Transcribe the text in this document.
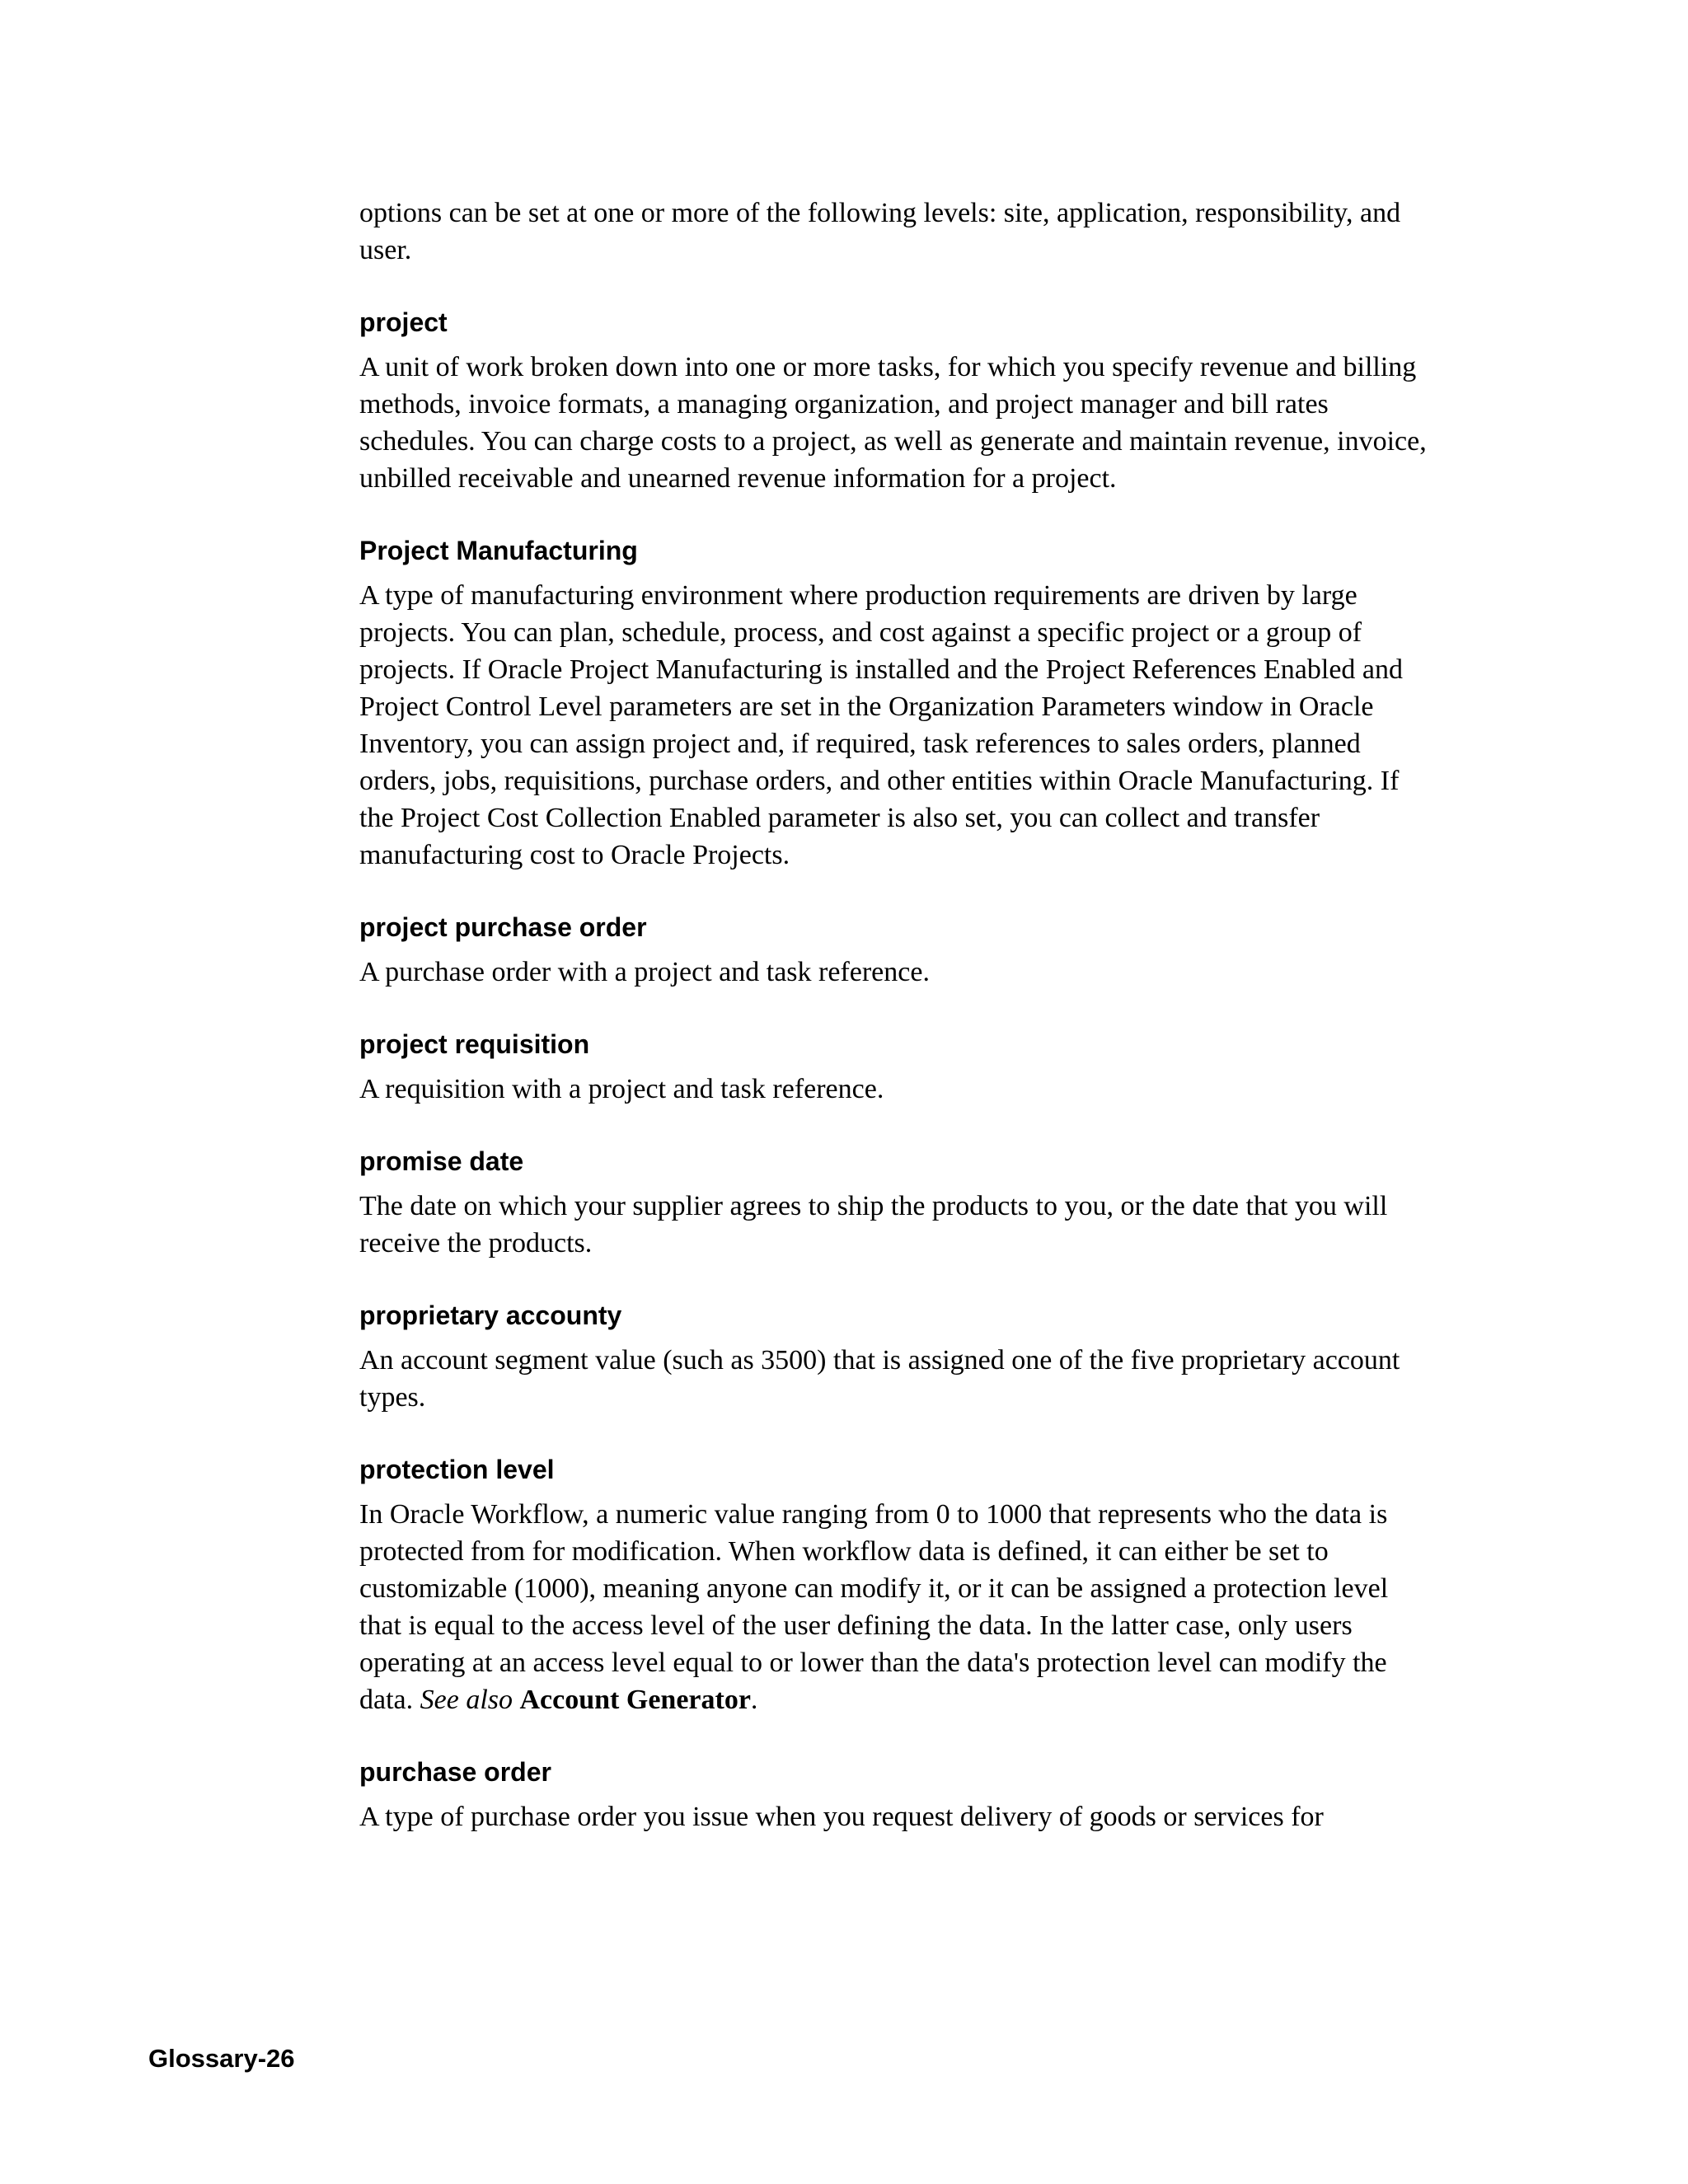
options can be set at one or more of the following levels: site, application, responsibility, and user.

project

A unit of work broken down into one or more tasks, for which you specify revenue and billing methods, invoice formats, a managing organization, and project manager and bill rates schedules. You can charge costs to a project, as well as generate and maintain revenue, invoice, unbilled receivable and unearned revenue information for a project.

Project Manufacturing

A type of manufacturing environment where production requirements are driven by large projects. You can plan, schedule, process, and cost against a specific project or a group of projects. If Oracle Project Manufacturing is installed and the Project References Enabled and Project Control Level parameters are set in the Organization Parameters window in Oracle Inventory, you can assign project and, if required, task references to sales orders, planned orders, jobs, requisitions, purchase orders, and other entities within Oracle Manufacturing. If the Project Cost Collection Enabled parameter is also set, you can collect and transfer manufacturing cost to Oracle Projects.

project purchase order

A purchase order with a project and task reference.

project requisition

A requisition with a project and task reference.

promise date

The date on which your supplier agrees to ship the products to you, or the date that you will receive the products.

proprietary accounty

An account segment value (such as 3500) that is assigned one of the five proprietary account types.

protection level

In Oracle Workflow, a numeric value ranging from 0 to 1000 that represents who the data is protected from for modification. When workflow data is defined, it can either be set to customizable (1000), meaning anyone can modify it, or it can be assigned a protection level that is equal to the access level of the user defining the data. In the latter case, only users operating at an access level equal to or lower than the data's protection level can modify the data. See also Account Generator.

purchase order

A type of purchase order you issue when you request delivery of goods or services for

Glossary-26
